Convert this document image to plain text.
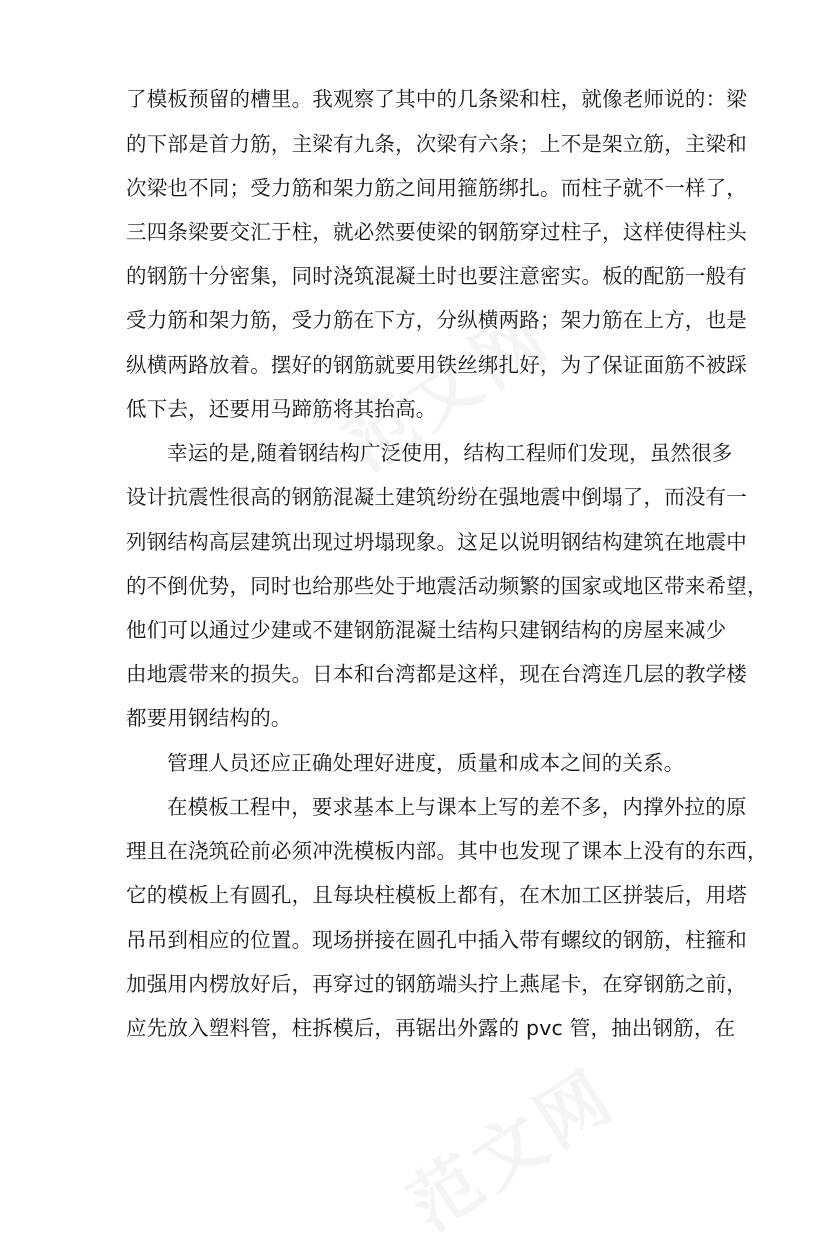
了模板预留的槽里。我观察了其中的几条梁和柱，就像老师说的：梁
的下部是首力筋，主梁有九条，次梁有六条；上不是架立筋，主梁和
次梁也不同；受力筋和架力筋之间用箍筋绑扎。而柱子就不一样了，
三四条梁要交汇于柱，就必然要使梁的钢筋穿过柱子，这样使得柱头
的钢筋十分密集，同时浇筑混凝土时也要注意密实。板的配筋一般有
受力筋和架力筋，受力筋在下方，分纵横两路；架力筋在上方，也是
纵横两路放着。摆好的钢筋就要用铁丝绑扎好，为了保证面筋不被踩
低下去，还要用马蹄筋将其抬高。
幸运的是,随着钢结构广泛使用，结构工程师们发现，虽然很多
设计抗震性很高的钢筋混凝土建筑纷纷在强地震中倒塌了，而没有一
列钢结构高层建筑出现过坍塌现象。这足以说明钢结构建筑在地震中
的不倒优势，同时也给那些处于地震活动频繁的国家或地区带来希望，
他们可以通过少建或不建钢筋混凝土结构只建钢结构的房屋来减少
由地震带来的损失。日本和台湾都是这样，现在台湾连几层的教学楼
都要用钢结构的。
管理人员还应正确处理好进度，质量和成本之间的关系。
在模板工程中，要求基本上与课本上写的差不多，内撑外拉的原
理且在浇筑砼前必须冲洗模板内部。其中也发现了课本上没有的东西，
它的模板上有圆孔，且每块柱模板上都有，在木加工区拼装后，用塔
吊吊到相应的位置。现场拼接在圆孔中插入带有螺纹的钢筋，柱箍和
加强用内楞放好后，再穿过的钢筋端头拧上燕尾卡，在穿钢筋之前，
应先放入塑料管，柱拆模后，再锯出外露的 pvc 管，抽出钢筋，在
